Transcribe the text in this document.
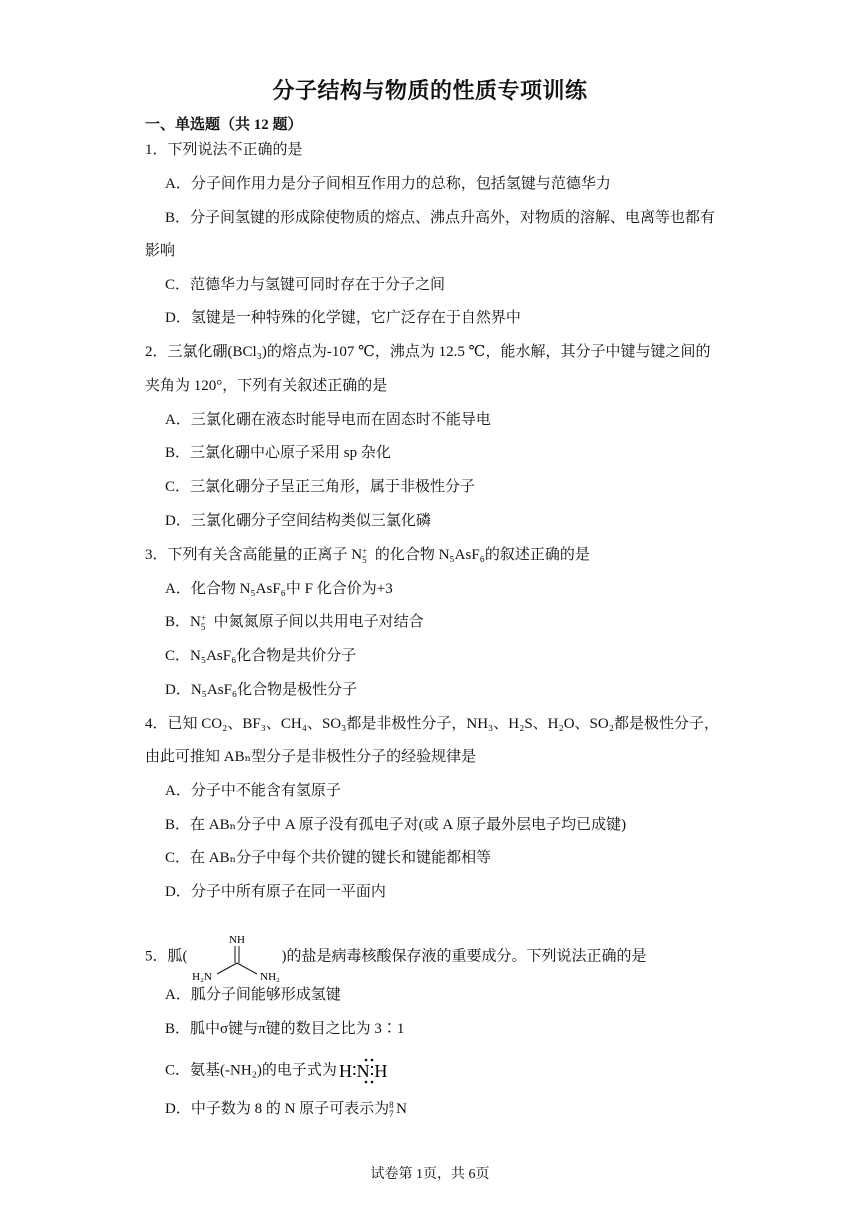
分子结构与物质的性质专项训练
一、单选题（共 12 题）
1．下列说法不正确的是
A．分子间作用力是分子间相互作用力的总称，包括氢键与范德华力
B．分子间氢键的形成除使物质的熔点、沸点升高外，对物质的溶解、电离等也都有
影响
C．范德华力与氢键可同时存在于分子之间
D．氢键是一种特殊的化学键，它广泛存在于自然界中
2．三氯化硼(BCl₃)的熔点为-107 ℃，沸点为 12.5 ℃，能水解，其分子中键与键之间的
夹角为 120°，下列有关叙述正确的是
A．三氯化硼在液态时能导电而在固态时不能导电
B．三氯化硼中心原子采用 sp 杂化
C．三氯化硼分子呈正三角形，属于非极性分子
D．三氯化硼分子空间结构类似三氯化磷
3．下列有关含高能量的正离子 N +
5 的化合物 N₅AsF₆的叙述正确的是
A．化合物 N₅AsF₆中 F 化合价为+3
B．N +
5 中氮氮原子间以共用电子对结合
C．N₅AsF₆化合物是共价分子
D．N₅AsF₆化合物是极性分子
4．已知 CO₂、BF₃、CH₄、SO₃都是非极性分子，NH₃、H₂S、H₂O、SO₂都是极性分子，
由此可推知 ABₙ型分子是非极性分子的经验规律是
A．分子中不能含有氢原子
B．在 ABₙ分子中 A 原子没有孤电子对(或 A 原子最外层电子均已成键)
C．在 ABₙ分子中每个共价键的键长和键能都相等
D．分子中所有原子在同一平面内
5．胍(
NH
H₂N	NH₂
)的盐是病毒核酸保存液的重要成分。下列说法正确的是
A．胍分子间能够形成氢键
B．胍中σ键与π键的数目之比为 3∶1
C．氨基(-NH₂)的电子式为 H∶N∶H
D．中子数为 8 的 N 原子可表示为 8
7 N
试卷第 1页，共 6页
